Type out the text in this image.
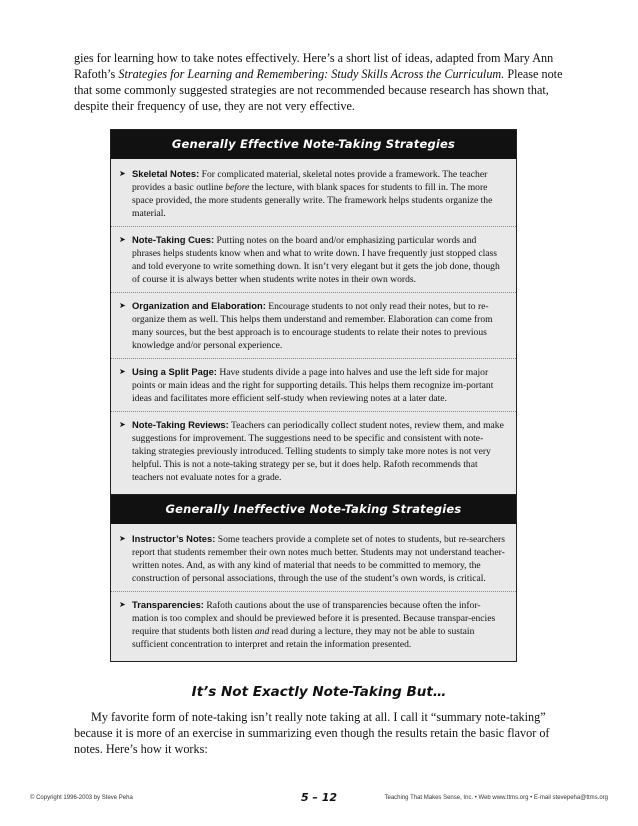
gies for learning how to take notes effectively. Here’s a short list of ideas, adapted from Mary Ann Rafoth’s Strategies for Learning and Remembering: Study Skills Across the Curriculum. Please note that some commonly suggested strategies are not recommended because research has shown that, despite their frequency of use, they are not very effective.

Generally Effective Note-Taking Strategies
➤ Skeletal Notes: For complicated material, skeletal notes provide a framework. The teacher provides a basic outline before the lecture, with blank spaces for students to fill in. The more space provided, the more students generally write. The framework helps students organize the material.
➤ Note-Taking Cues: Putting notes on the board and/or emphasizing particular words and phrases helps students know when and what to write down. I have frequently just stopped class and told everyone to write something down. It isn’t very elegant but it gets the job done, though of course it is always better when students write notes in their own words.
➤ Organization and Elaboration: Encourage students to not only read their notes, but to re-organize them as well. This helps them understand and remember. Elaboration can come from many sources, but the best approach is to encourage students to relate their notes to previous knowledge and/or personal experience.
➤ Using a Split Page: Have students divide a page into halves and use the left side for major points or main ideas and the right for supporting details. This helps them recognize im-portant ideas and facilitates more efficient self-study when reviewing notes at a later date.
➤ Note-Taking Reviews: Teachers can periodically collect student notes, review them, and make suggestions for improvement. The suggestions need to be specific and consistent with note-taking strategies previously introduced. Telling students to simply take more notes is not very helpful. This is not a note-taking strategy per se, but it does help. Rafoth recommends that teachers not evaluate notes for a grade.
Generally Ineffective Note-Taking Strategies
➤ Instructor’s Notes: Some teachers provide a complete set of notes to students, but re-searchers report that students remember their own notes much better. Students may not understand teacher-written notes. And, as with any kind of material that needs to be committed to memory, the construction of personal associations, through the use of the student’s own words, is critical.
➤ Transparencies: Rafoth cautions about the use of transparencies because often the infor-mation is too complex and should be previewed before it is presented. Because transpar-encies require that students both listen and read during a lecture, they may not be able to sustain sufficient concentration to interpret and retain the information presented.
It’s Not Exactly Note-Taking But…

My favorite form of note-taking isn’t really note taking at all. I call it “summary note-taking” because it is more of an exercise in summarizing even though the results retain the basic flavor of notes. Here’s how it works:

© Copyright 1996-2003 by Steve Peha	5 – 12	Teaching That Makes Sense, Inc. • Web www.ttms.org • E-mail stevepeha@ttms.org
